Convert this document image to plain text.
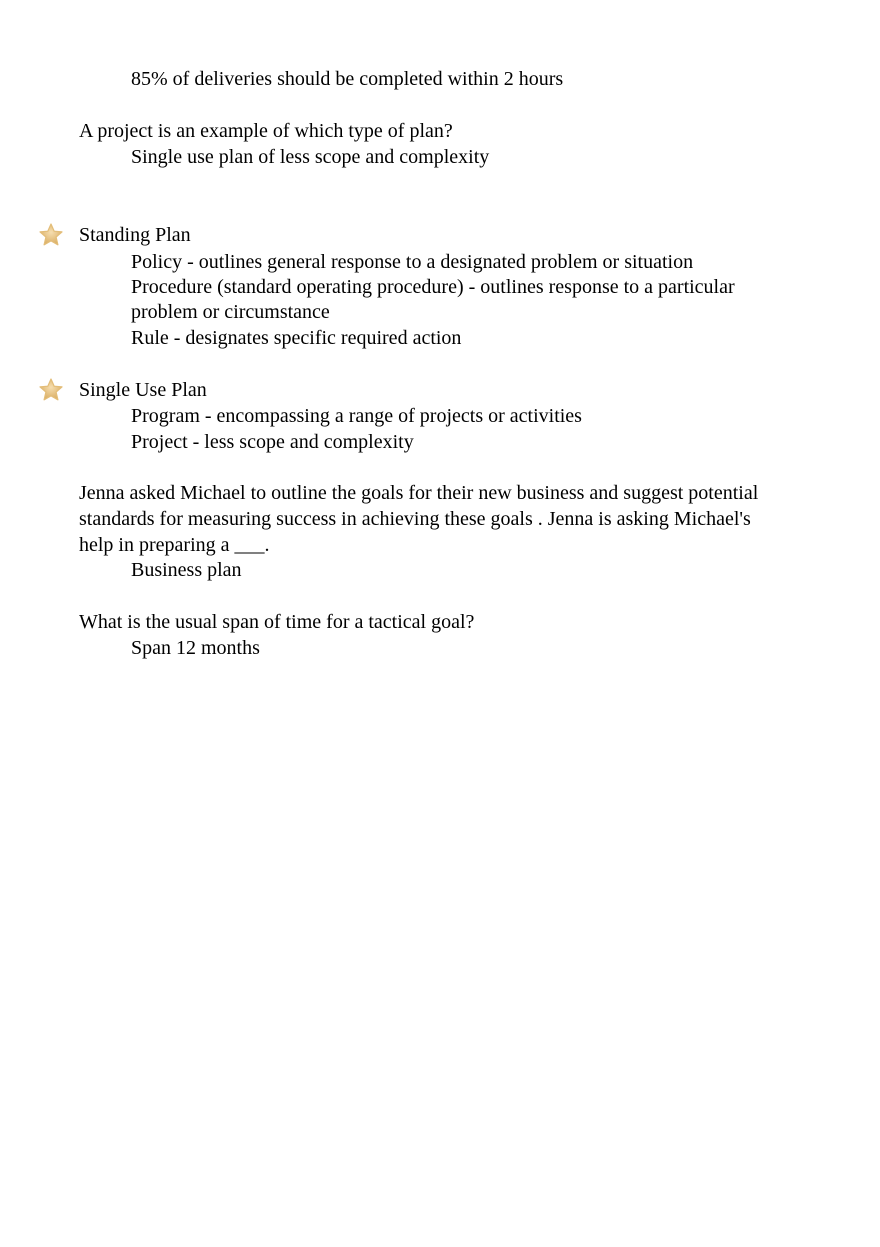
85% of deliveries should be completed within 2 hours
A project is an example of which type of plan?
Single use plan of less scope and complexity
Standing Plan
Policy - outlines general response to a designated problem or situation
Procedure (standard operating procedure) - outlines response to a particular
problem or circumstance
Rule - designates specific required action
Single Use Plan
Program - encompassing a range of projects or activities
Project - less scope and complexity
Jenna asked Michael to outline the goals for their new business and suggest potential
standards for measuring success in achieving these goals . Jenna is asking Michael's
help in preparing a ___.
Business plan
What is the usual span of time for a tactical goal?
Span 12 months
